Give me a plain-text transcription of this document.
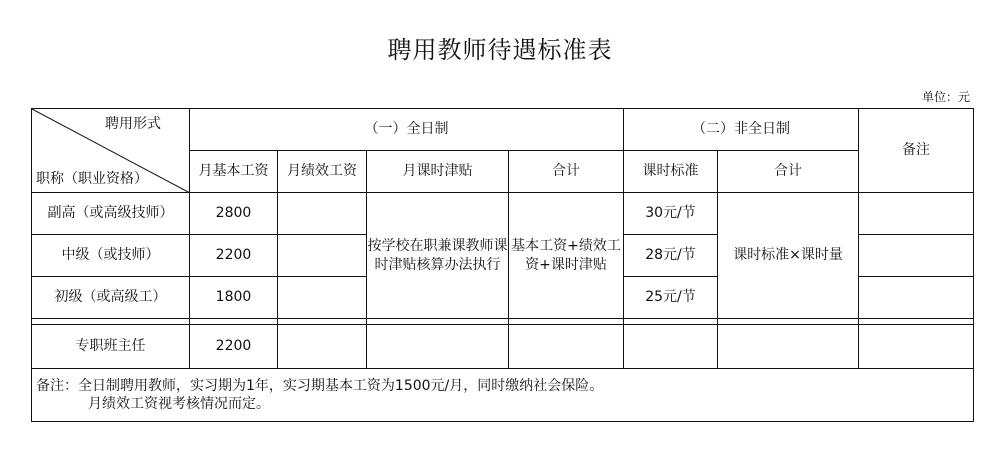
聘用教师待遇标准表
单位：元
聘用形式
职称（职业资格）	（一）全日制				（二）非全日制		备注
	月基本工资	月绩效工资	月课时津贴	合计	课时标准	合计	
副高（或高级技师）	2800		按学校在职兼课教师课时津贴核算办法执行	基本工资+绩效工资+课时津贴	30元/节	课时标准×课时量	
中级（或技师）	2200				28元/节		
初级（或高级工）	1800				25元/节		

专职班主任	2200						

备注：全日制聘用教师，实习期为1年，实习期基本工资为1500元/月，同时缴纳社会保险。
月绩效工资视考核情况而定。							
